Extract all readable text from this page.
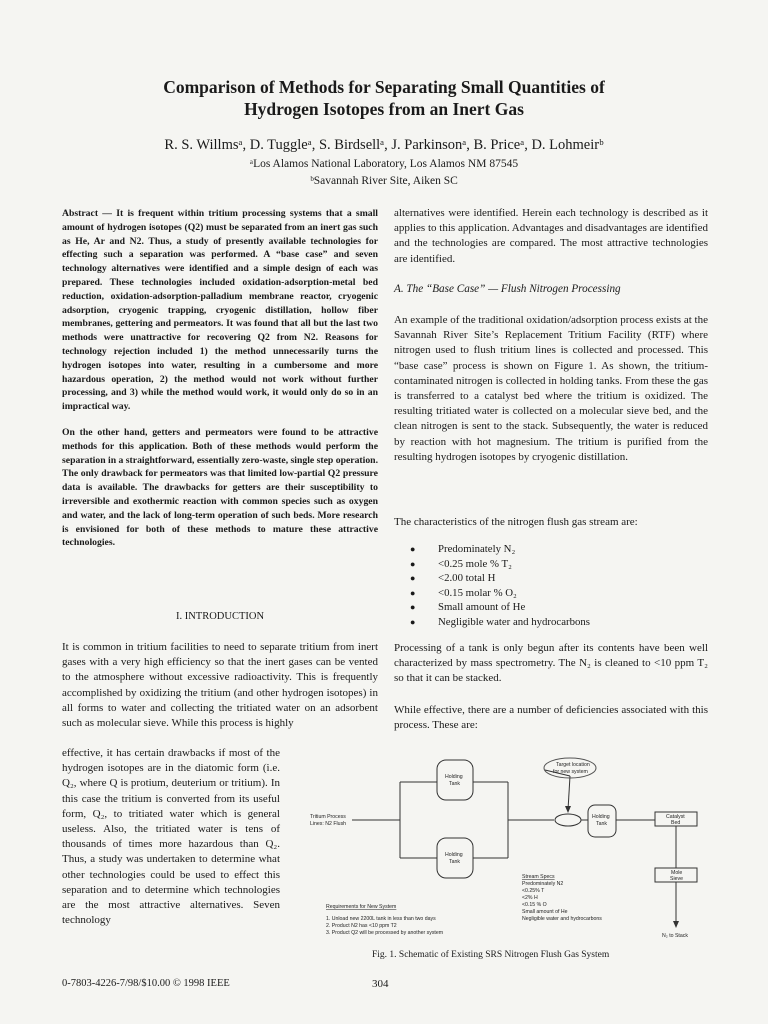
Comparison of Methods for Separating Small Quantities of
Hydrogen Isotopes from an Inert Gas
R. S. Willmsᵃ, D. Tuggleᵃ, S. Birdsellᵃ, J. Parkinsonᵃ, B. Priceᵃ, D. Lohmeirᵇ
ᵃLos Alamos National Laboratory, Los Alamos NM 87545
ᵇSavannah River Site, Aiken SC

Abstract — It is frequent within tritium processing systems that a small amount of hydrogen isotopes (Q2) must be separated from an inert gas such as He, Ar and N2. Thus, a study of presently available technologies for effecting such a separation was performed. A “base case” and seven technology alternatives were identified and a simple design of each was prepared. These technologies included oxidation-adsorption-metal bed reduction, oxidation-adsorption-palladium membrane reactor, cryogenic adsorption, cryogenic trapping, cryogenic distillation, hollow fiber membranes, gettering and permeators. It was found that all but the last two methods were unattractive for recovering Q2 from N2. Reasons for technology rejection included 1) the method unnecessarily turns the hydrogen isotopes into water, resulting in a cumbersome and more hazardous operation, 2) the method would not work without further processing, and 3) while the method would work, it would only do so in an impractical way.

On the other hand, getters and permeators were found to be attractive methods for this application. Both of these methods would perform the separation in a straightforward, essentially zero-waste, single step operation. The only drawback for permeators was that limited low-partial Q2 pressure data is available. The drawbacks for getters are their susceptibility to irreversible and exothermic reaction with common species such as oxygen and water, and the lack of long-term operation of such beds. More research is envisioned for both of these methods to mature these attractive technologies.

I. INTRODUCTION

It is common in tritium facilities to need to separate tritium from inert gases with a very high efficiency so that the inert gases can be vented to the atmosphere without excessive radioactivity. This is frequently accomplished by oxidizing the tritium (and other hydrogen isotopes) in all forms to water and collecting the tritiated water on an adsorbent such as molecular sieve. While this process is highly

effective, it has certain drawbacks if most of the hydrogen isotopes are in the diatomic form (i.e. Q₂, where Q is protium, deuterium or tritium). In this case the tritium is converted from its useful form, Q₂, to tritiated water which is general useless. Also, the tritiated water is tens of thousands of times more hazardous than Q₂. Thus, a study was undertaken to determine what other technologies could be used to effect this separation and to determine which technologies are the most attractive alternatives. Seven technology

alternatives were identified. Herein each technology is described as it applies to this application. Advantages and disadvantages are identified and the technologies are compared. The most attractive technologies are identified.

A. The “Base Case” — Flush Nitrogen Processing

An example of the traditional oxidation/adsorption process exists at the Savannah River Site’s Replacement Tritium Facility (RTF) where nitrogen used to flush tritium lines is collected and processed. This “base case” process is shown on Figure 1. As shown, the tritium-contaminated nitrogen is collected in holding tanks. From these the gas is transferred to a catalyst bed where the tritium is oxidized. The resulting tritiated water is collected on a molecular sieve bed, and the clean nitrogen is sent to the stack. Subsequently, the water is reduced by reaction with hot magnesium. The tritium is purified from the resulting hydrogen isotopes by cryogenic distillation.

The characteristics of the nitrogen flush gas stream are:

● Predominately N₂
● <0.25 mole % T₂
● <2.00 total H
● <0.15 molar % O₂
● Small amount of He
● Negligible water and hydrocarbons

Processing of a tank is only begun after its contents have been well characterized by mass spectrometry. The N₂ is cleaned to <10 ppm T₂ so that it can be stacked.

While effective, there are a number of deficiencies associated with this process. These are:

Target location
for new system
Holding
Tank
Holding
Tank
Holding
Tank
Tritium Process
Lines: N2 Flush
Catalyst
Bed
Mole
Sieve
Stream Specs
Predominately N2
<0.25% T
<2% H
<0.15 % O
Small amount of He
Negligible water and hydrocarbons
Requirements for New System
1. Unload new 2200L tank in less than two days
2. Product N2 has <10 ppm T2
3. Product Q2 will be processed by another system	N₂ to Stack
Fig. 1. Schematic of Existing SRS Nitrogen Flush Gas System
0-7803-4226-7/98/$10.00 © 1998 IEEE	304
